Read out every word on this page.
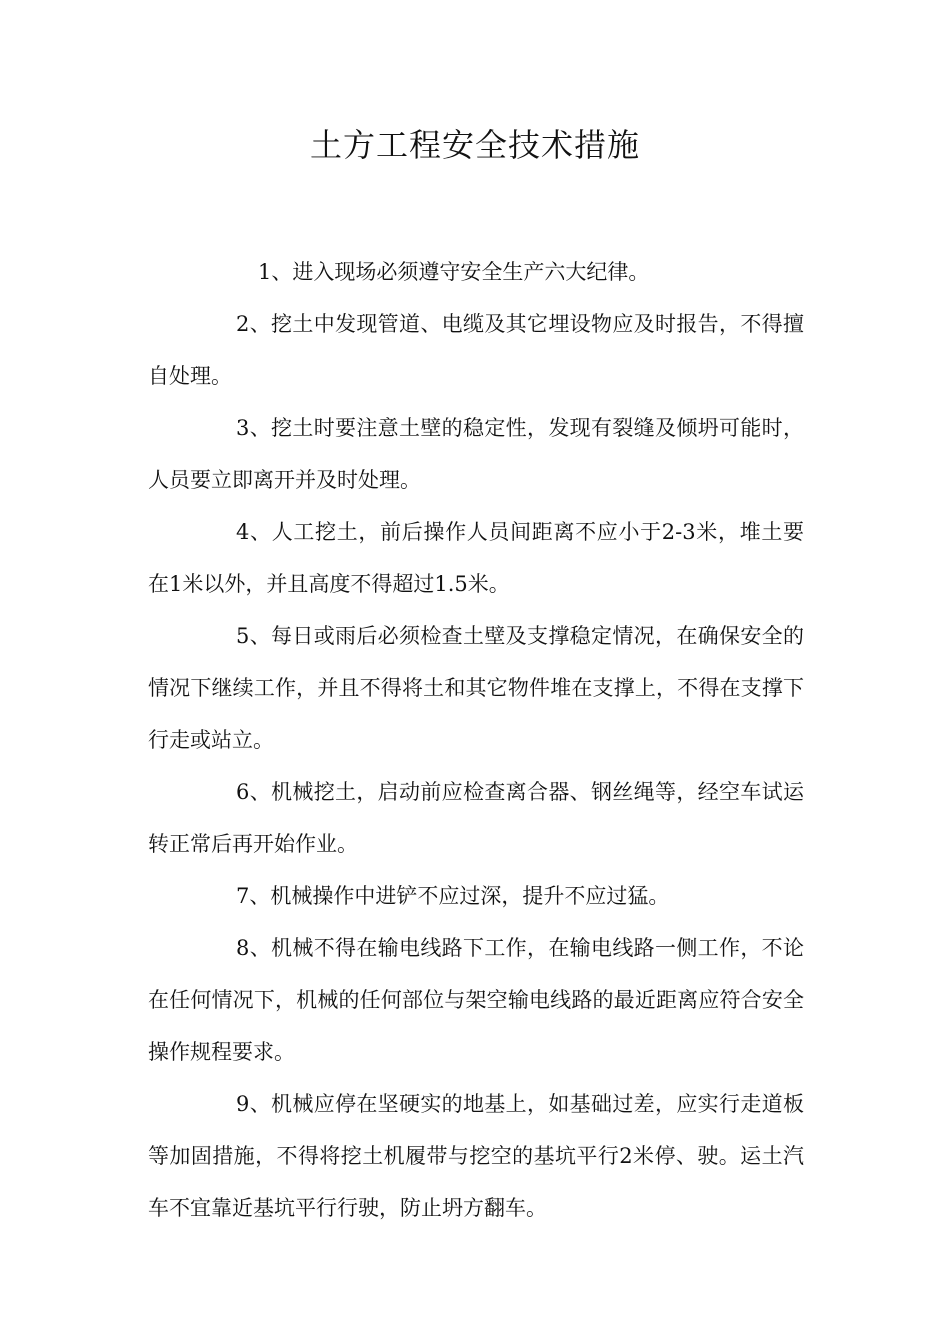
土方工程安全技术措施

1、进入现场必须遵守安全生产六大纪律。

2、挖土中发现管道、电缆及其它埋设物应及时报告，不得擅自处理。

3、挖土时要注意土壁的稳定性，发现有裂缝及倾坍可能时，人员要立即离开并及时处理。

4、人工挖土，前后操作人员间距离不应小于2-3米，堆土要在1米以外，并且高度不得超过1.5米。

5、每日或雨后必须检查土壁及支撑稳定情况，在确保安全的情况下继续工作，并且不得将土和其它物件堆在支撑上，不得在支撑下行走或站立。

6、机械挖土，启动前应检查离合器、钢丝绳等，经空车试运转正常后再开始作业。

7、机械操作中进铲不应过深，提升不应过猛。

8、机械不得在输电线路下工作，在输电线路一侧工作，不论在任何情况下，机械的任何部位与架空输电线路的最近距离应符合安全操作规程要求。

9、机械应停在坚硬实的地基上，如基础过差，应实行走道板等加固措施，不得将挖土机履带与挖空的基坑平行2米停、驶。运土汽车不宜靠近基坑平行行驶，防止坍方翻车。
